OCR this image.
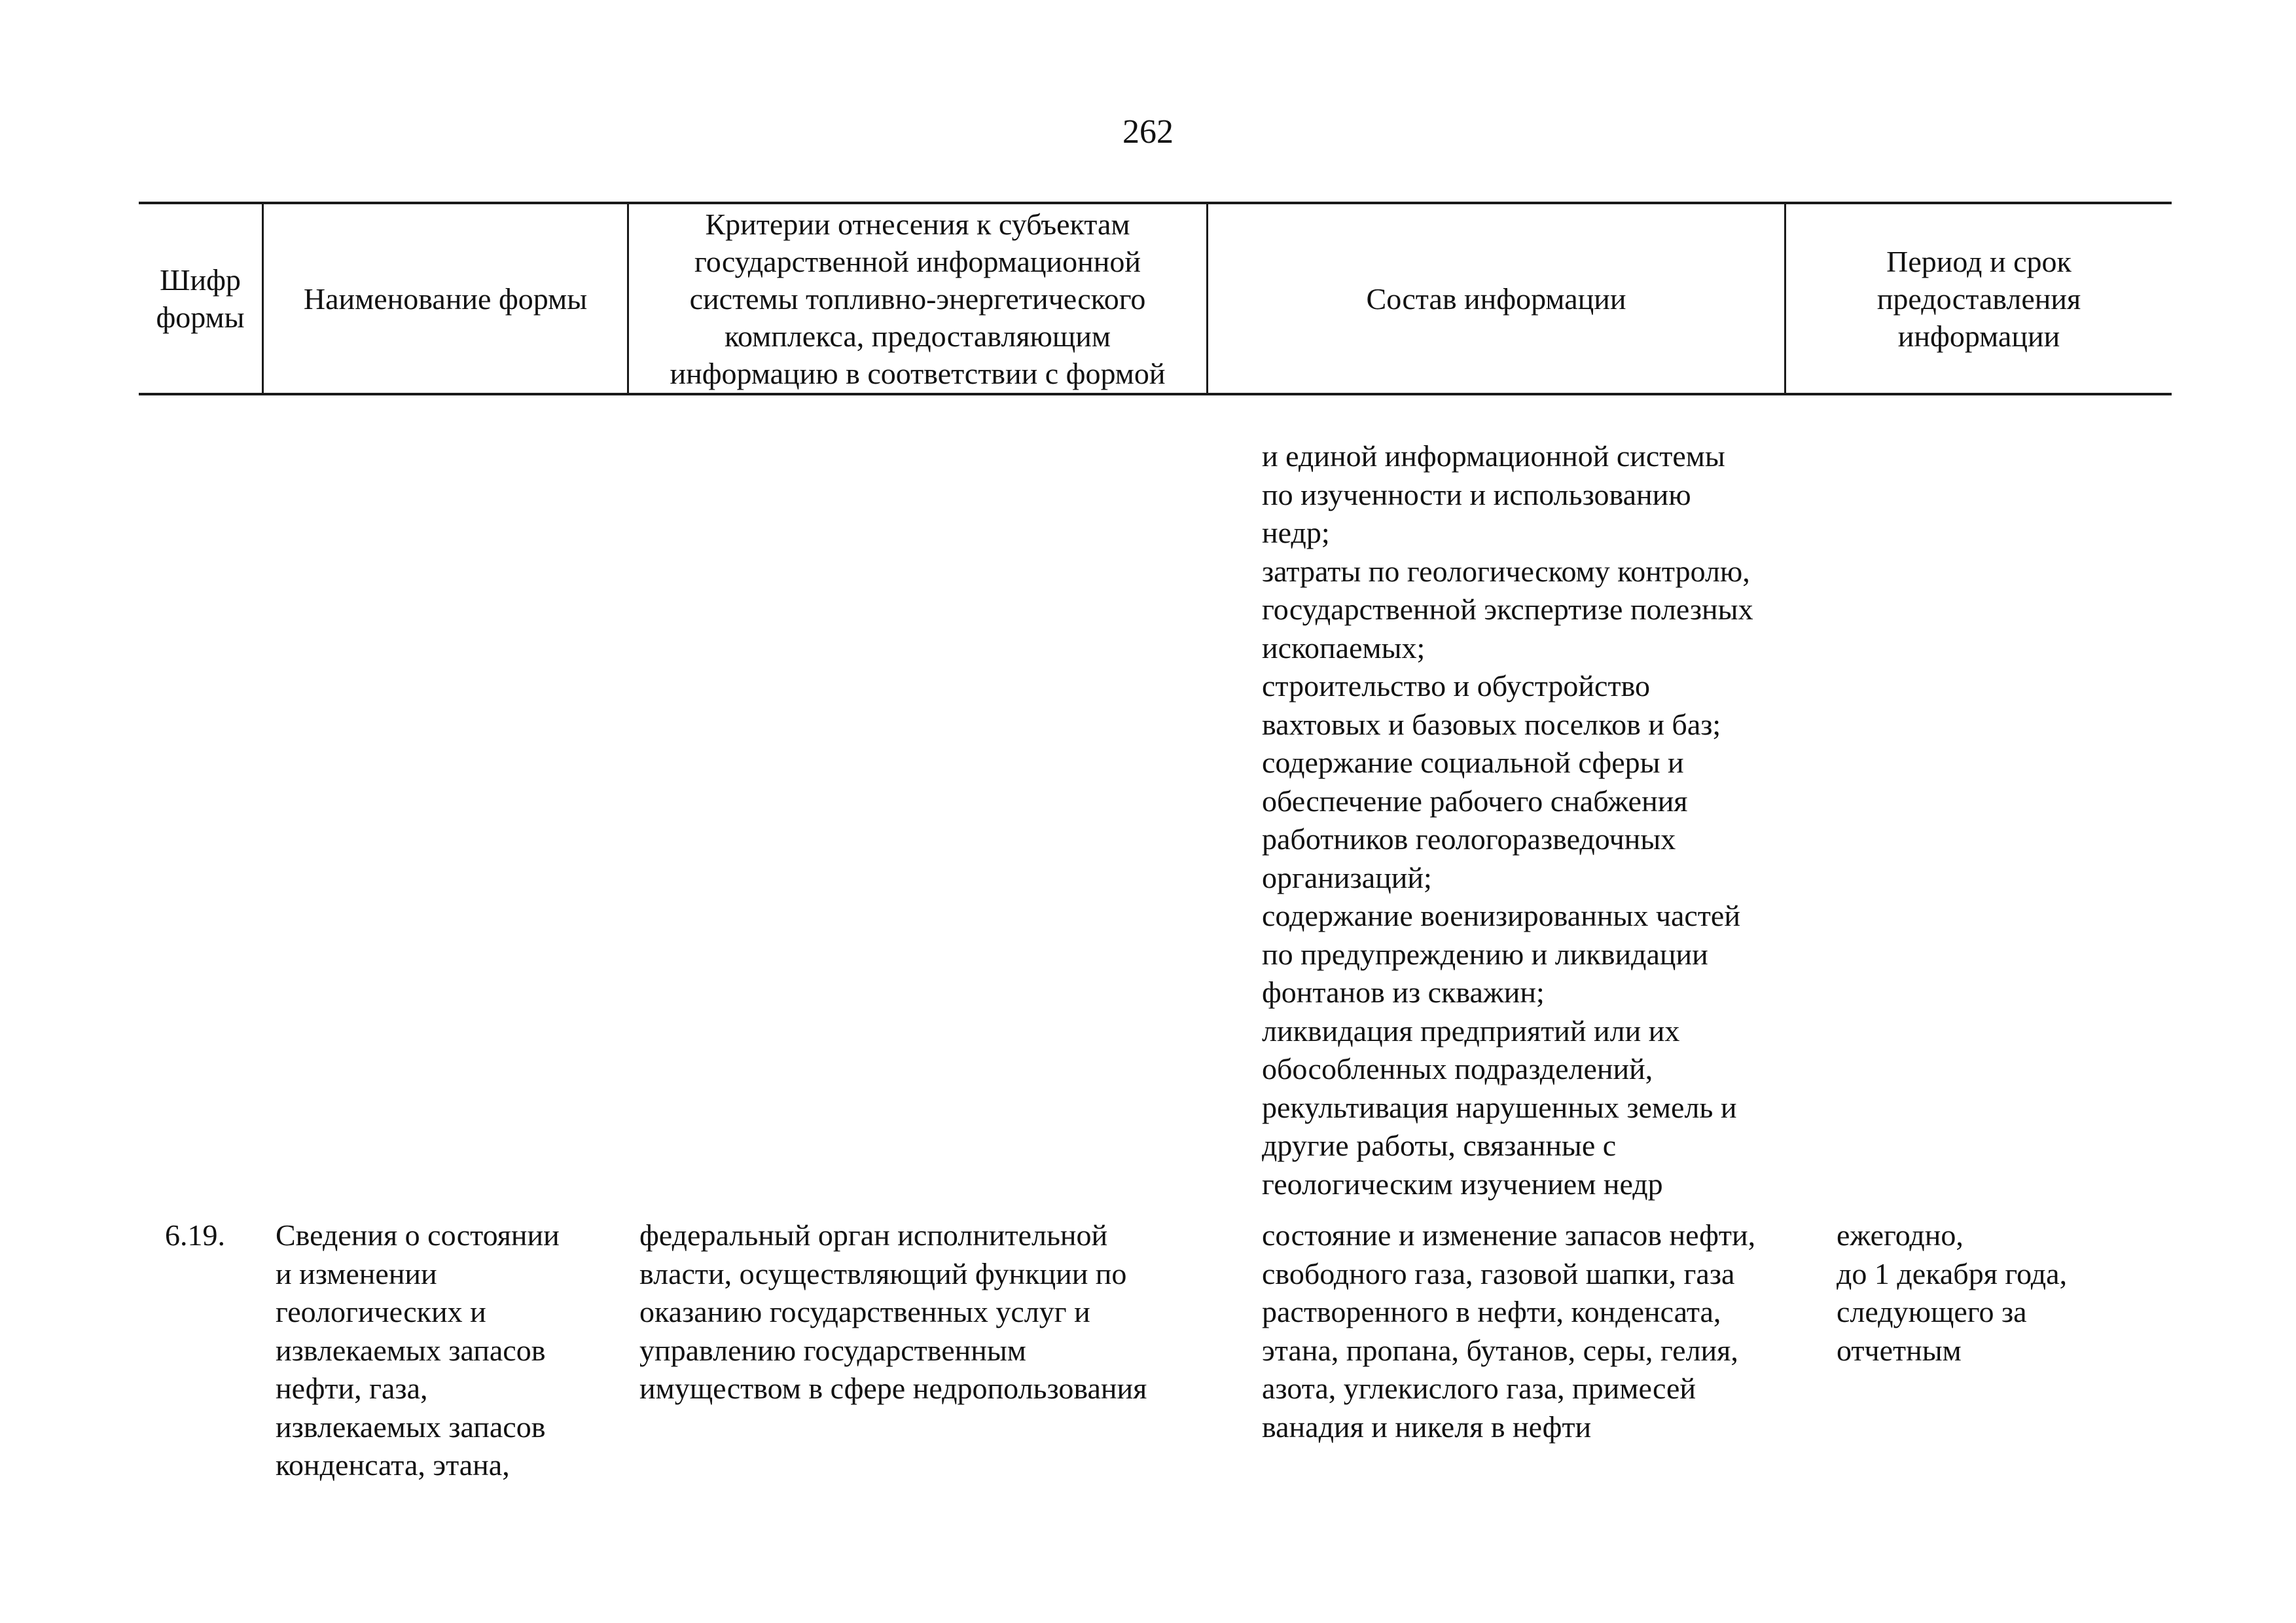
262
Шифр
формы
Наименование формы
Критерии отнесения к субъектам
государственной информационной
системы топливно-энергетического
комплекса, предоставляющим
информацию в соответствии с формой
Состав информации
Период и срок
предоставления
информации
и единой информационной системы
по изученности и использованию
недр;
затраты по геологическому контролю,
государственной экспертизе полезных
ископаемых;
строительство и обустройство
вахтовых и базовых поселков и баз;
содержание социальной сферы и
обеспечение рабочего снабжения
работников геологоразведочных
организаций;
содержание военизированных частей
по предупреждению и ликвидации
фонтанов из скважин;
ликвидация предприятий или их
обособленных подразделений,
рекультивация нарушенных земель и
другие работы, связанные с
геологическим изучением недр
6.19. Сведения о состоянии
и изменении
геологических и
извлекаемых запасов
нефти, газа,
извлекаемых запасов
конденсата, этана,
федеральный орган исполнительной
власти, осуществляющий функции по
оказанию государственных услуг и
управлению государственным
имуществом в сфере недропользования
состояние и изменение запасов нефти,
свободного газа, газовой шапки, газа
растворенного в нефти, конденсата,
этана, пропана, бутанов, серы, гелия,
азота, углекислого газа, примесей
ванадия и никеля в нефти
ежегодно,
до 1 декабря года,
следующего за
отчетным
